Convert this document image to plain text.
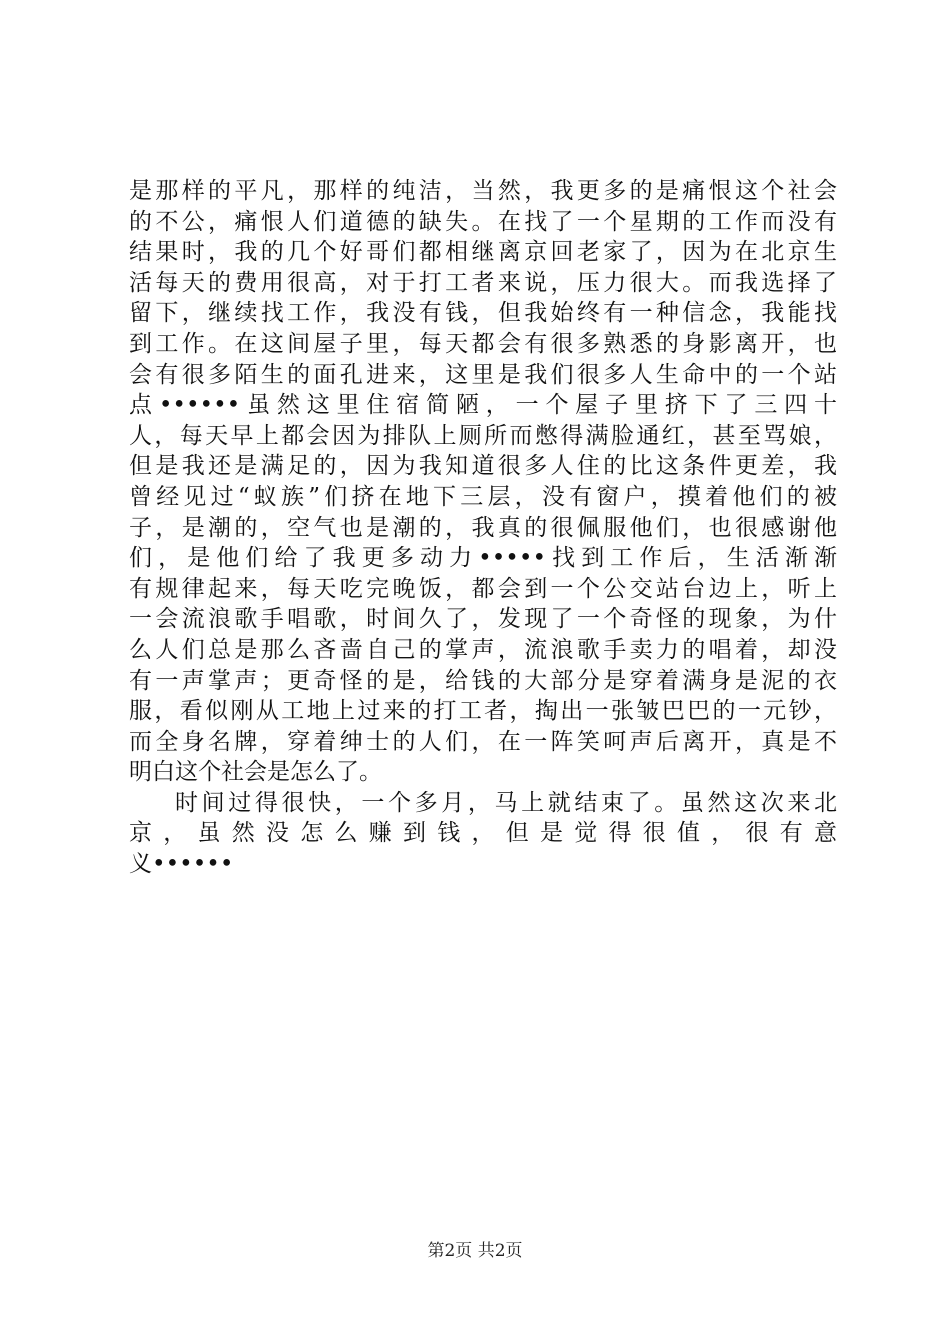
是那样的平凡，那样的纯洁，当然，我更多的是痛恨这个社会
的不公，痛恨人们道德的缺失。在找了一个星期的工作而没有
结果时，我的几个好哥们都相继离京回老家了，因为在北京生
活每天的费用很高，对于打工者来说，压力很大。而我选择了
留下，继续找工作，我没有钱，但我始终有一种信念，我能找
到工作。在这间屋子里，每天都会有很多熟悉的身影离开，也
会有很多陌生的面孔进来，这里是我们很多人生命中的一个站
点••••••虽然这里住宿简陋，一个屋子里挤下了三四十
人，每天早上都会因为排队上厕所而憋得满脸通红，甚至骂娘，
但是我还是满足的，因为我知道很多人住的比这条件更差，我
曾经见过“蚁族”们挤在地下三层，没有窗户，摸着他们的被
子，是潮的，空气也是潮的，我真的很佩服他们，也很感谢他
们，是他们给了我更多动力•••••找到工作后，生活渐渐
有规律起来，每天吃完晚饭，都会到一个公交站台边上，听上
一会流浪歌手唱歌，时间久了，发现了一个奇怪的现象，为什
么人们总是那么吝啬自己的掌声，流浪歌手卖力的唱着，却没
有一声掌声；更奇怪的是，给钱的大部分是穿着满身是泥的衣
服，看似刚从工地上过来的打工者，掏出一张皱巴巴的一元钞，
而全身名牌，穿着绅士的人们，在一阵笑呵声后离开，真是不
明白这个社会是怎么了。
时间过得很快，一个多月，马上就结束了。虽然这次来北
京，虽然没怎么赚到钱，但是觉得很值，很有意
义••••••
第2页 共2页
